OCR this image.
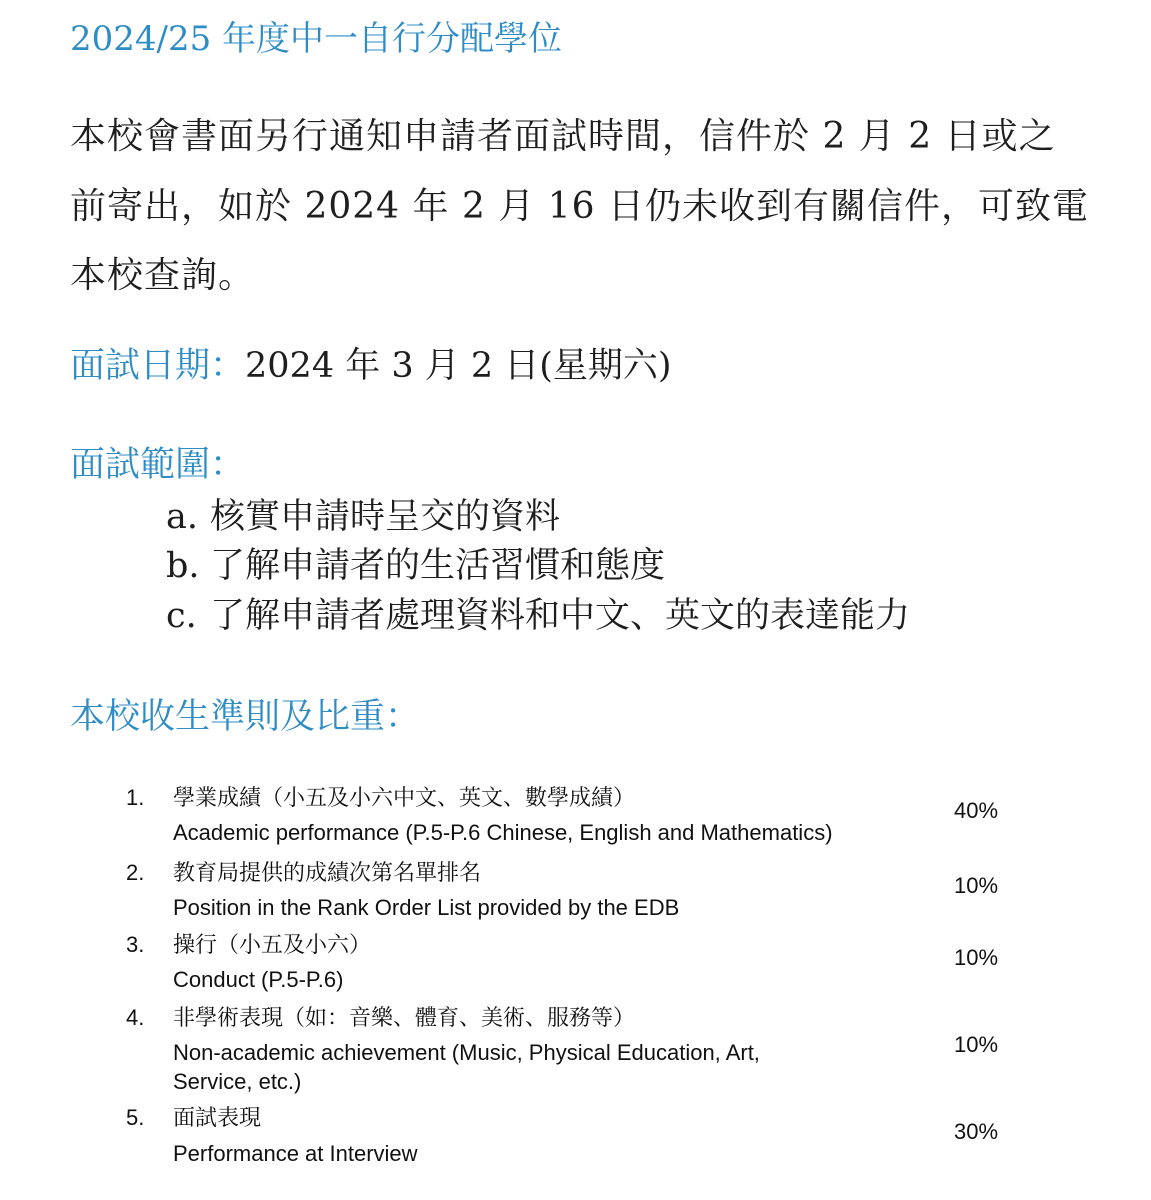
2024/25 年度中一自行分配學位
本校會書面另行通知申請者面試時間，信件於 2 月 2 日或之
前寄出，如於 2024 年 2 月 16 日仍未收到有關信件，可致電
本校查詢。
面試日期：2024 年 3 月 2 日(星期六)
面試範圍：
a. 核實申請時呈交的資料
b. 了解申請者的生活習慣和態度
c. 了解申請者處理資料和中文、英文的表達能力
本校收生準則及比重：
1. 學業成績（小五及小六中文、英文、數學成績）
Academic performance (P.5-P.6 Chinese, English and Mathematics)
40%
2. 教育局提供的成績次第名單排名
Position in the Rank Order List provided by the EDB
10%
3. 操行（小五及小六）
Conduct (P.5-P.6)
10%
4. 非學術表現（如：音樂、體育、美術、服務等）
Non-academic achievement (Music, Physical Education, Art,
Service, etc.)
10%
5. 面試表現
Performance at Interview
30%
